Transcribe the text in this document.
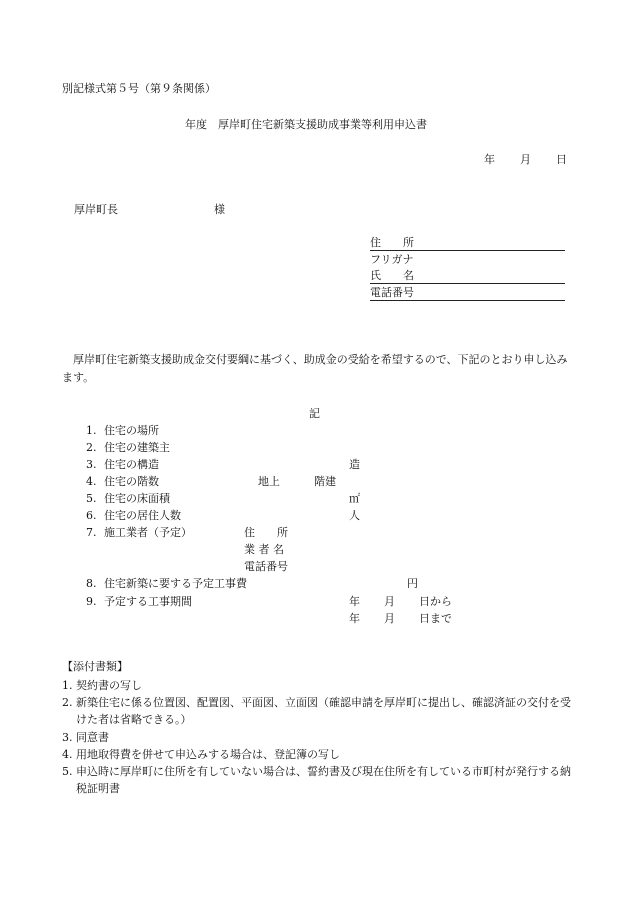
別記様式第５号（第９条関係）
年度　厚岸町住宅新築支援助成事業等利用申込書
年 月 日
厚岸町長	様
住　　所
フリガナ
氏　　名
電話番号
厚岸町住宅新築支援助成金交付要綱に基づく、助成金の受給を希望するので、下記のとおり申し込みます。
記
1. 住宅の場所
2. 住宅の建築主
3. 住宅の構造	造
4. 住宅の階数	地上	階建
5. 住宅の床面積	㎡
6. 住宅の居住人数	人
7. 施工業者（予定）	住　　所
業 者 名
電話番号
8. 住宅新築に要する予定工事費	円
9. 予定する工事期間	年 月 日から
年 月 日まで
【添付書類】
1. 契約書の写し
2. 新築住宅に係る位置図、配置図、平面図、立面図（確認申請を厚岸町に提出し、確認済証の交付を受けた者は省略できる。）
3. 同意書
4. 用地取得費を併せて申込みする場合は、登記簿の写し
5. 申込時に厚岸町に住所を有していない場合は、誓約書及び現在住所を有している市町村が発行する納税証明書
